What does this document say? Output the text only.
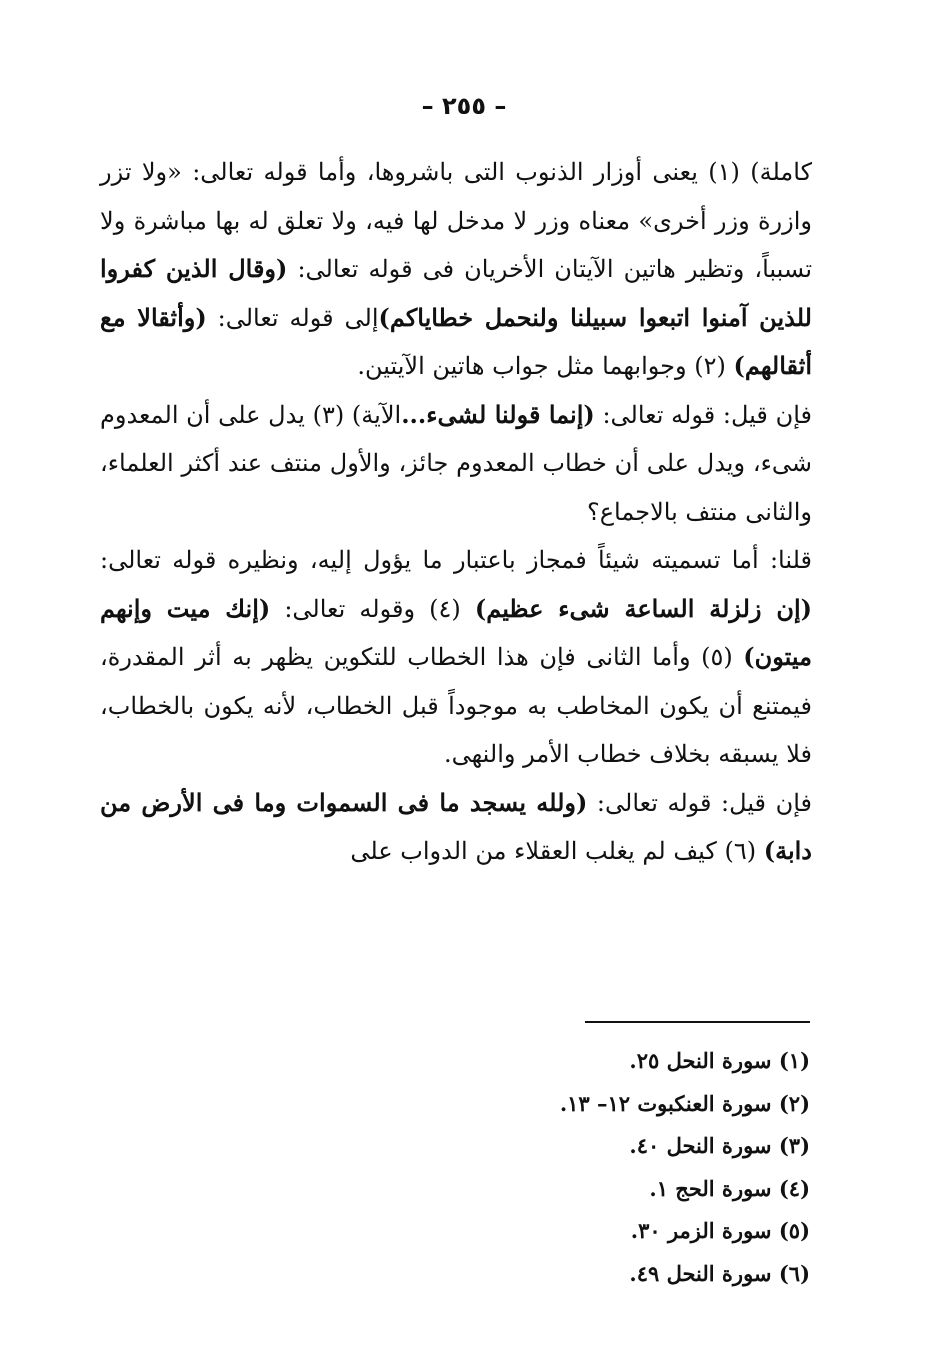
– ٢٥٥ –

كاملة) (١) يعنى أوزار الذنوب التى باشروها، وأما قوله تعالى: «ولا تزر وازرة وزر أخرى» معناه وزر لا مدخل لها فيه، ولا تعلق له بها مباشرة ولا تسبباً، وتظير هاتين الآيتان الأخريان فى قوله تعالى: (وقال الذين كفروا للذين آمنوا اتبعوا سبيلنا ولنحمل خطاياكم)إلى قوله تعالى: (وأثقالا مع أثقالهم) (٢) وجوابهما مثل جواب هاتين الآيتين.

فإن قيل: قوله تعالى: (إنما قولنا لشىء...الآية) (٣) يدل على أن المعدوم شىء، ويدل على أن خطاب المعدوم جائز، والأول منتف عند أكثر العلماء، والثانى منتف بالاجماع؟

قلنا: أما تسميته شيئاً فمجاز باعتبار ما يؤول إليه، ونظيره قوله تعالى: (إن زلزلة الساعة شىء عظيم) (٤) وقوله تعالى: (إنك ميت وإنهم ميتون) (٥) وأما الثانى فإن هذا الخطاب للتكوين يظهر به أثر المقدرة، فيمتنع أن يكون المخاطب به موجوداً قبل الخطاب، لأنه يكون بالخطاب، فلا يسبقه بخلاف خطاب الأمر والنهى.

فإن قيل: قوله تعالى: (ولله يسجد ما فى السموات وما فى الأرض من دابة) (٦) كيف لم يغلب العقلاء من الدواب على

(١) سورة النحل ٢٥.
(٢) سورة العنكبوت ١٢– ١٣.
(٣) سورة النحل ٤٠.
(٤) سورة الحج ١.
(٥) سورة الزمر ٣٠.
(٦) سورة النحل ٤٩.
